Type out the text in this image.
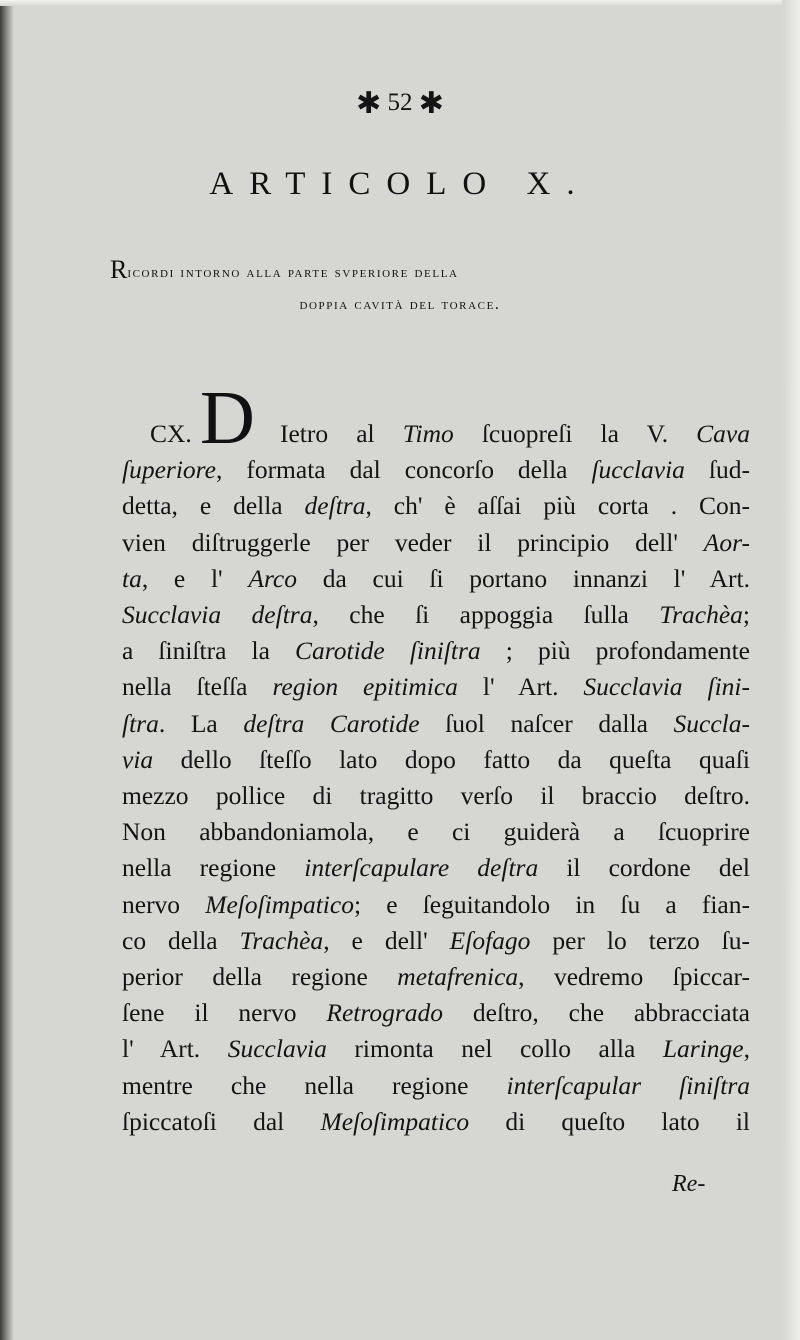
✱ 52 ✱
ARTICOLO X.
Ricordi intorno alla parte svperiore della
doppia cavità del torace.
D Ietro al Timo ſcuopreſi la V. Cava
ſuperiore, formata dal concorſo della ſucclavia ſud-
detta, e della deſtra, ch' è aſſai più corta . Con-
vien diſtruggerle per veder il principio dell' Aor-
ta, e l' Arco da cui ſi portano innanzi l' Art.
Succlavia deſtra, che ſi appoggia ſulla Trachèa;
a ſiniſtra la Carotide ſiniſtra ; più profondamente
nella ſteſſa region epitimica l' Art. Succlavia ſini-
ſtra. La deſtra Carotide ſuol naſcer dalla Succla-
via dello ſteſſo lato dopo fatto da queſta quaſi
mezzo pollice di tragitto verſo il braccio deſtro.
Non abbandoniamola, e ci guiderà a ſcuoprire
nella regione interſcapulare deſtra il cordone del
nervo Meſoſimpatico; e ſeguitandolo in ſu a fian-
co della Trachèa, e dell' Eſofago per lo terzo ſu-
perior della regione metafrenica, vedremo ſpiccar-
ſene il nervo Retrogrado deſtro, che abbracciata
l' Art. Succlavia rimonta nel collo alla Laringe,
mentre che nella regione interſcapular ſiniſtra
ſpiccatoſi dal Meſoſimpatico di queſto lato il
CX.
Re-
